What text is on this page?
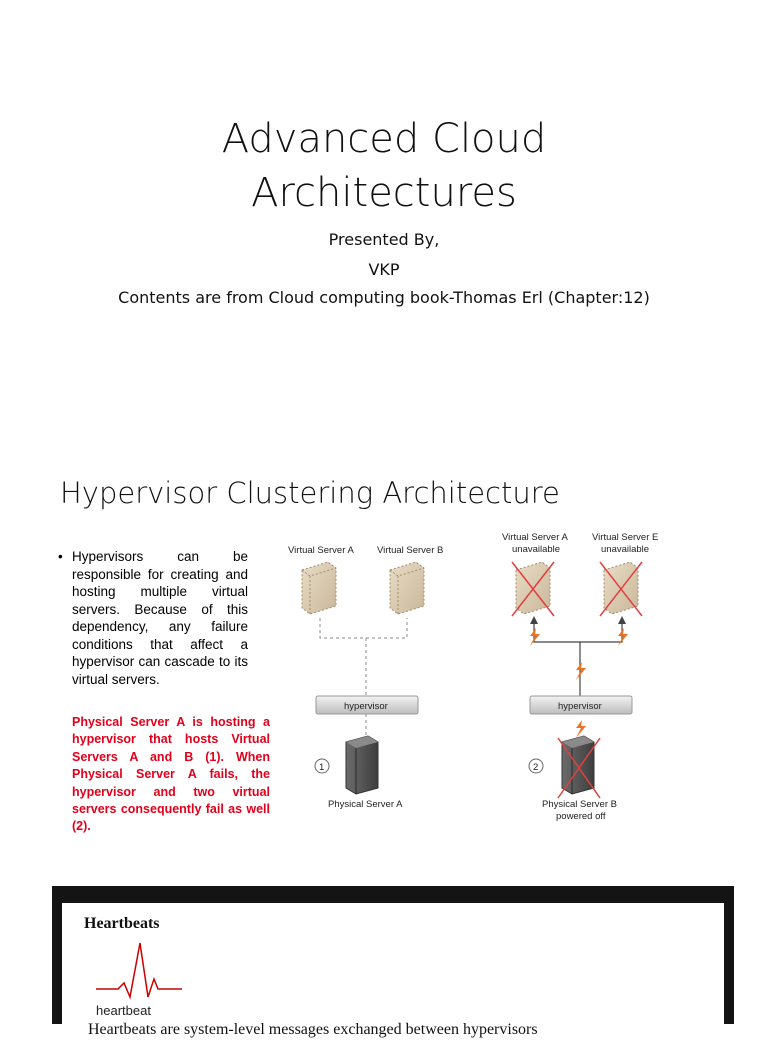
Advanced Cloud
Architectures
Presented By,
VKP
Contents are from Cloud computing book-Thomas Erl (Chapter:12)
Hypervisor Clustering Architecture
• Hypervisors can be responsible for creating and hosting multiple virtual servers. Because of this dependency, any failure conditions that affect a hypervisor can cascade to its virtual servers.
Physical Server A is hosting a hypervisor that hosts Virtual Servers A and B (1). When Physical Server A fails, the hypervisor and two virtual servers consequently fail as well (2).
Virtual Server A Virtual Server B
hypervisor
1
Physical Server A
Virtual Server A
unavailable
Virtual Server E
unavailable
hypervisor
2
Physical Server B
powered off
Heartbeats
heartbeat
Heartbeats are system-level messages exchanged between hypervisors
